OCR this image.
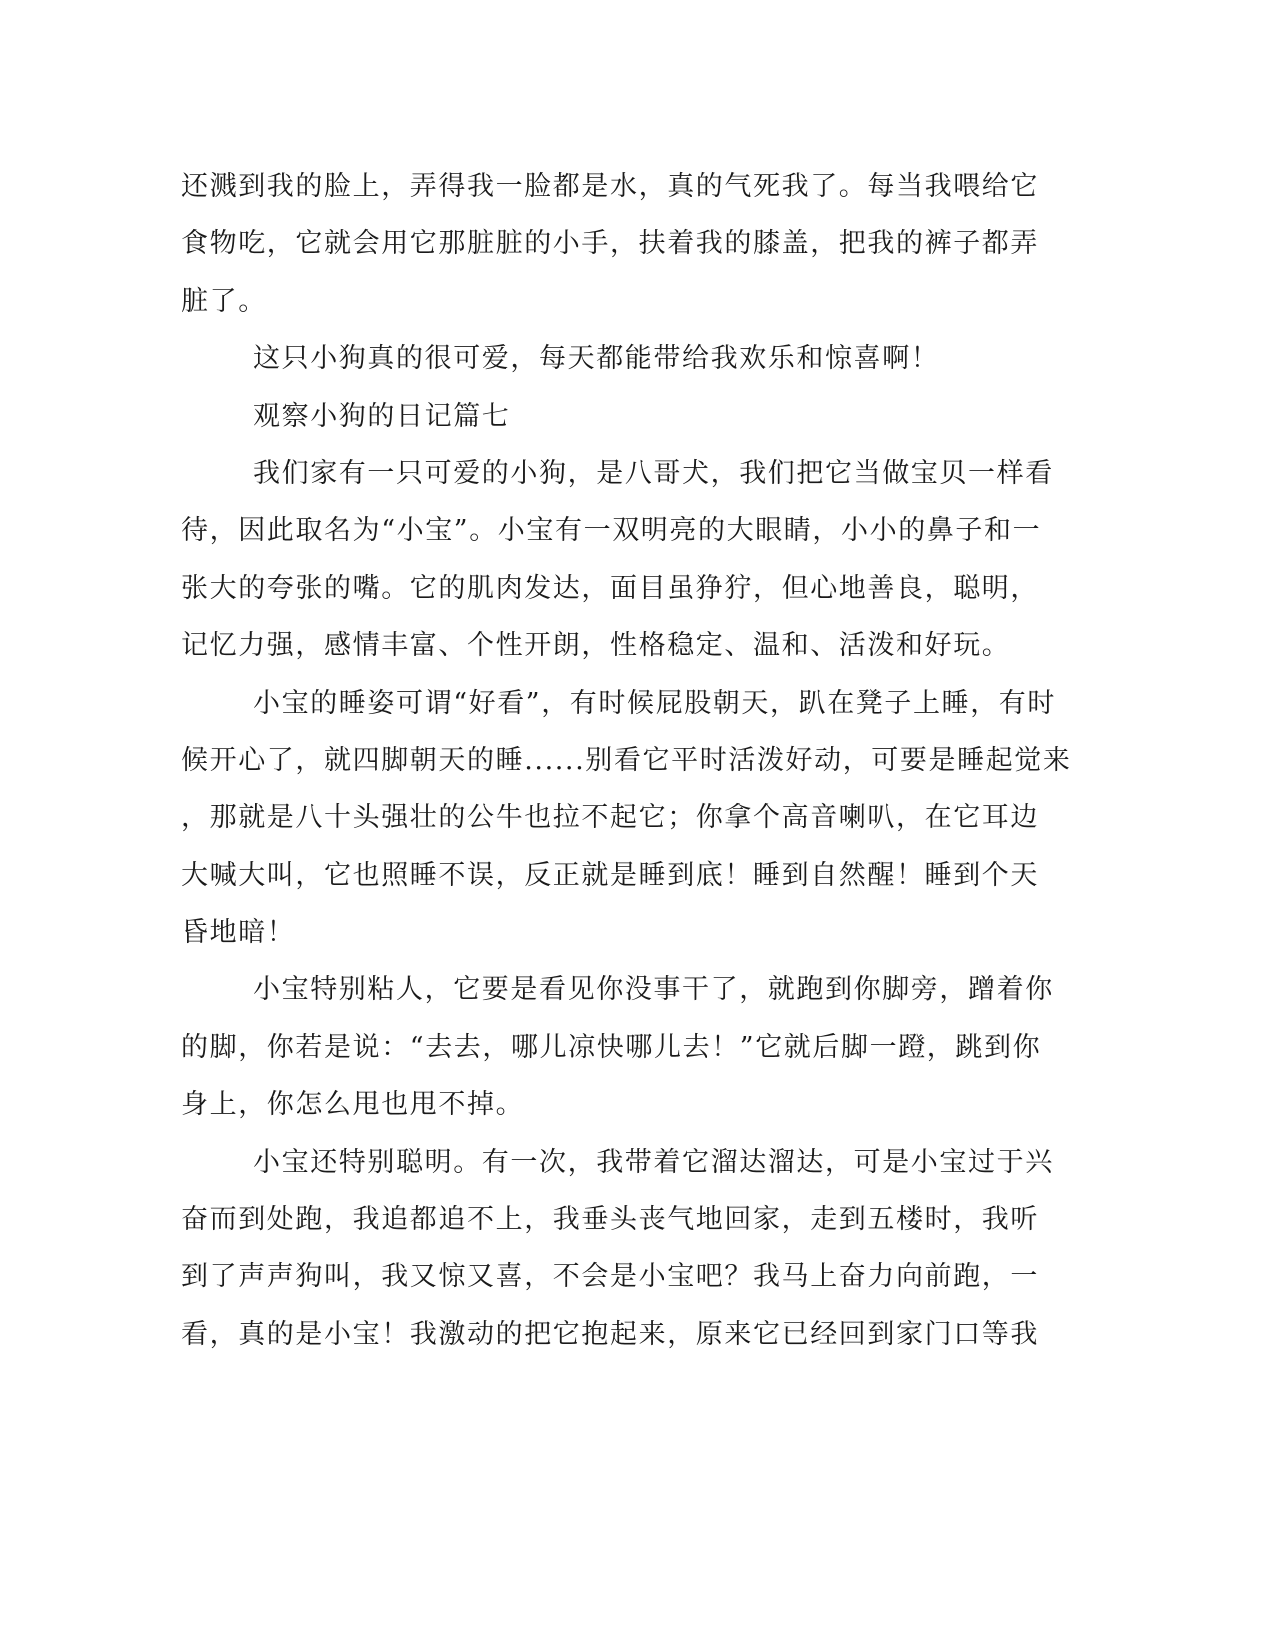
还溅到我的脸上，弄得我一脸都是水，真的气死我了。每当我喂给它
食物吃，它就会用它那脏脏的小手，扶着我的膝盖，把我的裤子都弄
脏了。
这只小狗真的很可爱，每天都能带给我欢乐和惊喜啊！
观察小狗的日记篇七
我们家有一只可爱的小狗，是八哥犬，我们把它当做宝贝一样看
待，因此取名为“小宝”。小宝有一双明亮的大眼睛，小小的鼻子和一
张大的夸张的嘴。它的肌肉发达，面目虽狰狞，但心地善良，聪明，
记忆力强，感情丰富、个性开朗，性格稳定、温和、活泼和好玩。
小宝的睡姿可谓“好看”，有时候屁股朝天，趴在凳子上睡，有时
候开心了，就四脚朝天的睡......别看它平时活泼好动，可要是睡起觉来
，那就是八十头强壮的公牛也拉不起它；你拿个高音喇叭，在它耳边
大喊大叫，它也照睡不误，反正就是睡到底！睡到自然醒！睡到个天
昏地暗！
小宝特别粘人，它要是看见你没事干了，就跑到你脚旁，蹭着你
的脚，你若是说：“去去，哪儿凉快哪儿去！”它就后脚一蹬，跳到你
身上，你怎么甩也甩不掉。
小宝还特别聪明。有一次，我带着它溜达溜达，可是小宝过于兴
奋而到处跑，我追都追不上，我垂头丧气地回家，走到五楼时，我听
到了声声狗叫，我又惊又喜，不会是小宝吧？我马上奋力向前跑，一
看，真的是小宝！我激动的把它抱起来，原来它已经回到家门口等我
